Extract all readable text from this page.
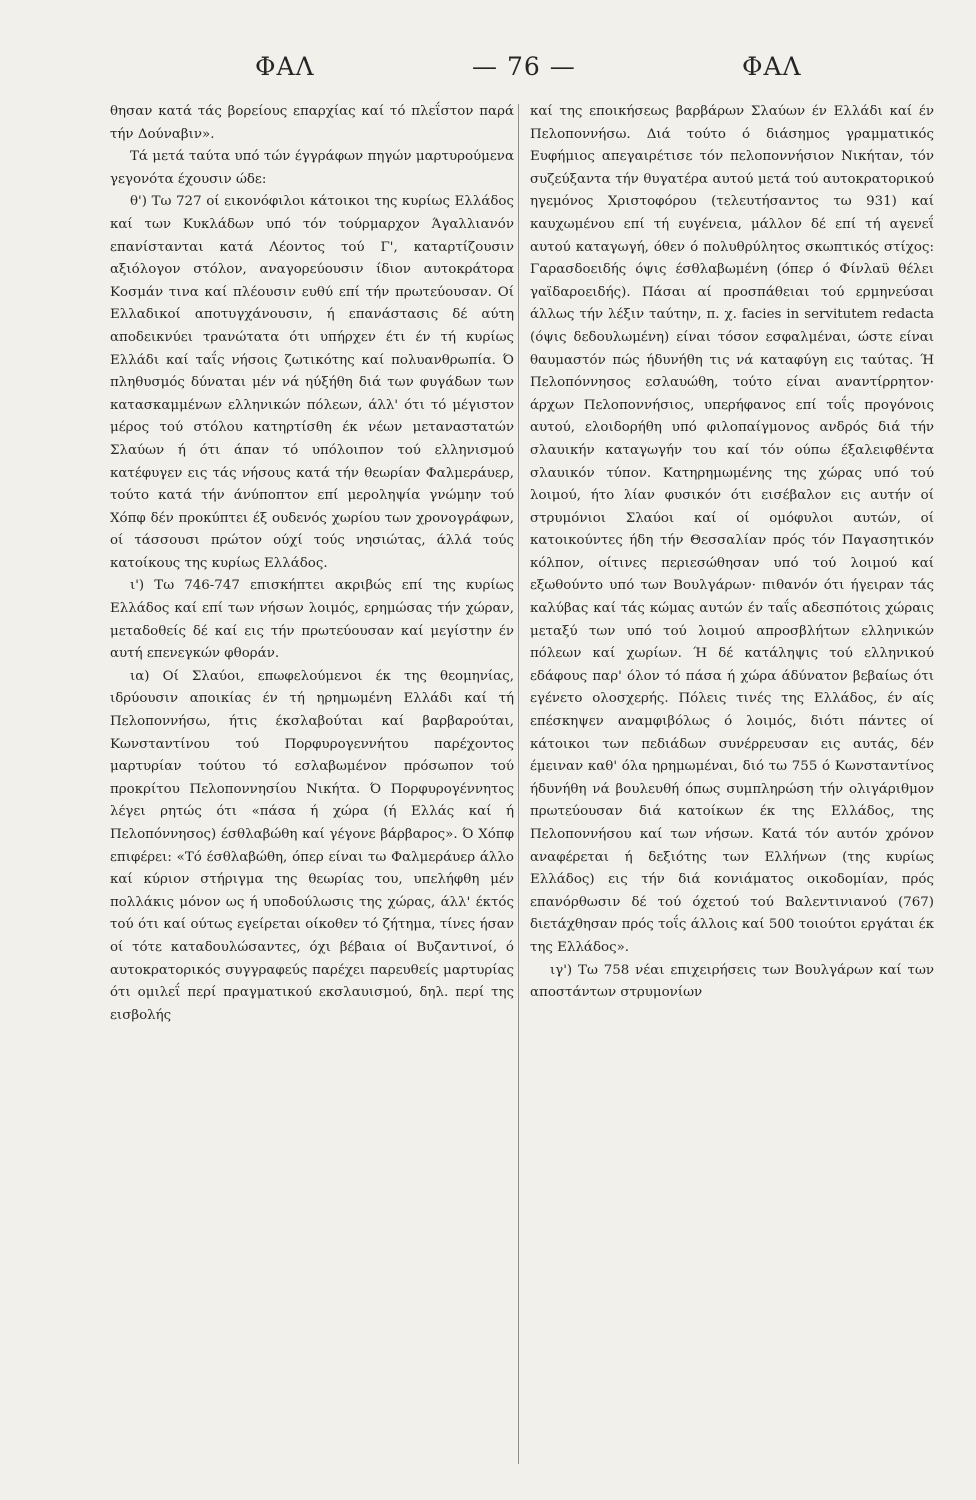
ΦΑΛ	— 76 —	ΦΑΛ

θησαν κατά τάς βορείους επαρχίας καί τό πλεΐστον παρά τήν Δούναβιν».

Τά μετά ταύτα υπό τών έγγράφων πηγών μαρτυρούμενα γεγονότα έχουσιν ώδε:

θ') Τω 727 οί εικονόφιλοι κάτοικοι της κυρίως Ελλάδος καί των Κυκλάδων υπό τόν τούρμαρχον Άγαλλιανόν επανίστανται κατά Λέοντος τού Γ', καταρτίζουσιν αξιόλογον στόλον, αναγορεύουσιν ίδιον αυτοκράτορα Κοσμάν τινα καί πλέουσιν ευθύ επί τήν πρωτεύουσαν. Οί Ελλαδικοί αποτυγχάνουσιν, ή επανάστασις δέ αύτη αποδεικνύει τρανώτατα ότι υπήρχεν έτι έν τή κυρίως Ελλάδι καί ταΐς νήσοις ζωτικότης καί πολυανθρωπία. Ό πληθυσμός δύναται μέν νά ηύξήθη διά των φυγάδων των κατασκαμμένων ελληνικών πόλεων, άλλ' ότι τό μέγιστον μέρος τού στόλου κατηρτίσθη έκ νέων μεταναστατών Σλαύων ή ότι άπαν τό υπόλοιπον τού ελληνισμού κατέφυγεν εις τάς νήσους κατά τήν θεωρίαν Φαλμεράυερ, τούτο κατά τήν άνύποπτον επί μεροληψία γνώμην τού Χόπφ δέν προκύπτει έξ ουδενός χωρίου των χρονογράφων, οί τάσσουσι πρώτον ούχί τούς νησιώτας, άλλά τούς κατοίκους της κυρίως Ελλάδος.

ι') Τω 746-747 επισκήπτει ακριβώς επί της κυρίως Ελλάδος καί επί των νήσων λοιμός, ερημώσας τήν χώραν, μεταδοθείς δέ καί εις τήν πρωτεύουσαν καί μεγίστην έν αυτή επενεγκών φθοράν.

ια) Οί Σλαύοι, επωφελούμενοι έκ της θεομηνίας, ιδρύουσιν αποικίας έν τή ηρημωμένη Ελλάδι καί τή Πελοποννήσω, ήτις έκσλαβούται καί βαρβαρούται, Κωνσταντίνου τού Πορφυρογεννήτου παρέχοντος μαρτυρίαν τούτου τό εσλαβωμένον πρόσωπον τού προκρίτου Πελοποννησίου Νικήτα. Ό Πορφυρογέννητος λέγει ρητώς ότι «πάσα ή χώρα (ή Ελλάς καί ή Πελοπόννησος) έσθλαβώθη καί γέγονε βάρβαρος». Ό Χόπφ επιφέρει: «Τό έσθλαβώθη, όπερ είναι τω Φαλμεράυερ άλλο καί κύριον στήριγμα της θεωρίας του, υπελήφθη μέν πολλάκις μόνον ως ή υποδούλωσις της χώρας, άλλ' έκτός τού ότι καί ούτως εγείρεται οίκοθεν τό ζήτημα, τίνες ήσαν οί τότε καταδουλώσαντες, όχι βέβαια οί Βυζαντινοί, ό αυτοκρατορικός συγγραφεύς παρέχει παρευθείς μαρτυρίας ότι ομιλεΐ περί πραγματικού εκσλαυισμού, δηλ. περί της εισβολής

καί της εποικήσεως βαρβάρων Σλαύων έν Ελλάδι καί έν Πελοποννήσω. Διά τούτο ό διάσημος γραμματικός Ευφήμιος απεγαιρέτισε τόν πελοποννήσιον Νικήταν, τόν συζεύξαντα τήν θυγατέρα αυτού μετά τού αυτοκρατορικού ηγεμόνος Χριστοφόρου (τελευτήσαντος τω 931) καί καυχωμένου επί τή ευγένεια, μάλλον δέ επί τή αγενεΐ αυτού καταγωγή, όθεν ό πολυθρύλητος σκωπτικός στίχος: Γαρασδοειδής όψις έσθλαβωμένη (όπερ ό Φίνλαϋ θέλει γαϊδαροειδής). Πάσαι αί προσπάθειαι τού ερμηνεύσαι άλλως τήν λέξιν ταύτην, π. χ. facies in servitutem redacta (όψις δεδουλωμένη) είναι τόσον εσφαλμέναι, ώστε είναι θαυμαστόν πώς ήδυνήθη τις νά καταφύγη εις ταύτας. Ή Πελοπόννησος εσλαυώθη, τούτο είναι αναντίρρητον· άρχων Πελοποννήσιος, υπερήφανος επί τοΐς προγόνοις αυτού, ελοιδορήθη υπό φιλοπαίγμονος ανδρός διά τήν σλαυικήν καταγωγήν του καί τόν ούπω έξαλειφθέντα σλαυικόν τύπον. Κατηρημωμένης της χώρας υπό τού λοιμού, ήτο λίαν φυσικόν ότι εισέβαλον εις αυτήν οί στρυμόνιοι Σλαύοι καί οί ομόφυλοι αυτών, οί κατοικούντες ήδη τήν Θεσσαλίαν πρός τόν Παγασητικόν κόλπον, οίτινες περιεσώθησαν υπό τού λοιμού καί εξωθούντο υπό των Βουλγάρων· πιθανόν ότι ήγειραν τάς καλύβας καί τάς κώμας αυτών έν ταΐς αδεσπότοις χώραις μεταξύ των υπό τού λοιμού απροσβλήτων ελληνικών πόλεων καί χωρίων. Ή δέ κατάληψις τού ελληνικού εδάφους παρ' όλον τό πάσα ή χώρα άδύνατον βεβαίως ότι εγένετο ολοσχερής. Πόλεις τινές της Ελλάδος, έν αίς επέσκηψεν αναμφιβόλως ό λοιμός, διότι πάντες οί κάτοικοι των πεδιάδων συνέρρευσαν εις αυτάς, δέν έμειναν καθ' όλα ηρημωμέναι, διό τω 755 ό Κωνσταντίνος ήδυνήθη νά βουλευθή όπως συμπληρώση τήν ολιγάριθμον πρωτεύουσαν διά κατοίκων έκ της Ελλάδος, της Πελοποννήσου καί των νήσων. Κατά τόν αυτόν χρόνον αναφέρεται ή δεξιότης των Ελλήνων (της κυρίως Ελλάδος) εις τήν διά κονιάματος οικοδομίαν, πρός επανόρθωσιν δέ τού όχετού τού Βαλεντινιανού (767) διετάχθησαν πρός τοΐς άλλοις καί 500 τοιούτοι εργάται έκ της Ελλάδος».

ιγ') Τω 758 νέαι επιχειρήσεις των Βουλγάρων καί των αποστάντων στρυμονίων
